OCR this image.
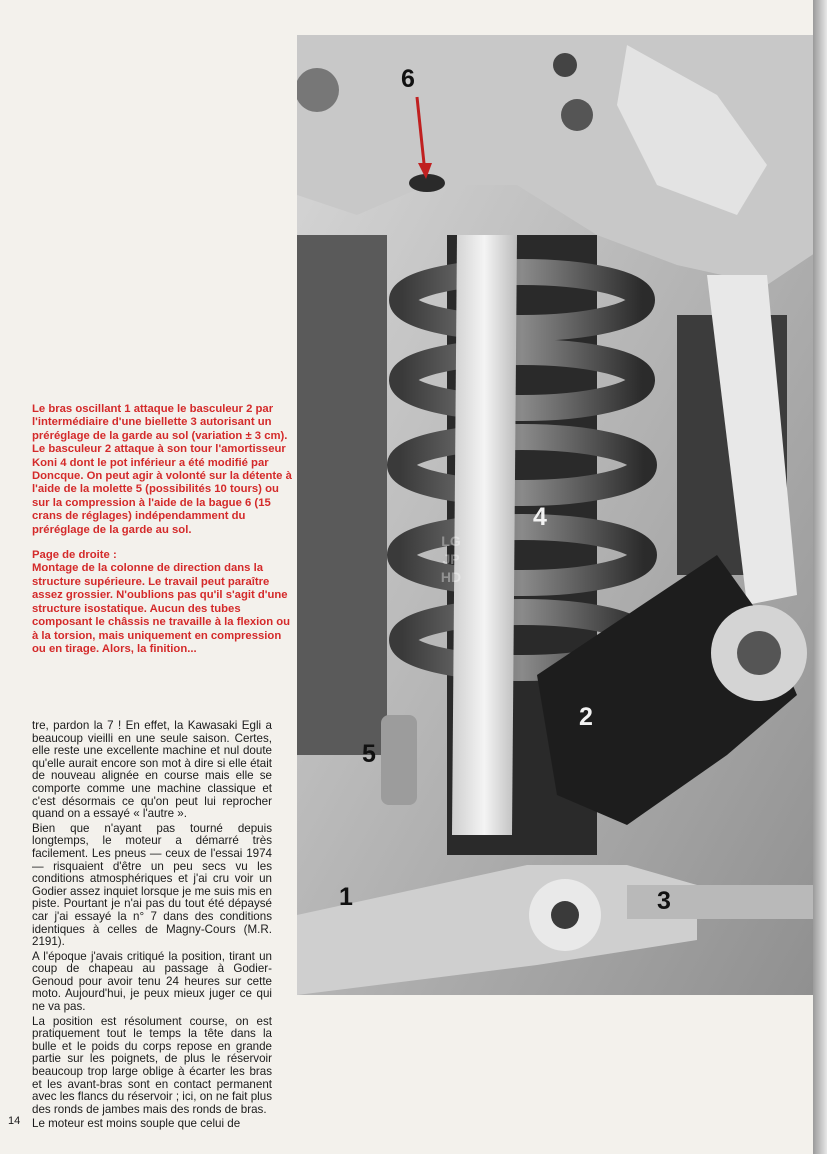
Le bras oscillant 1 attaque le basculeur 2 par l'intermédiaire d'une biellette 3 autorisant un préréglage de la garde au sol (variation ± 3 cm). Le basculeur 2 attaque à son tour l'amortisseur Koni 4 dont le pot inférieur a été modifié par Doncque. On peut agir à volonté sur la détente à l'aide de la molette 5 (possibilités 10 tours) ou sur la compression à l'aide de la bague 6 (15 crans de réglages) indépendamment du préréglage de la garde au sol.

Page de droite :
Montage de la colonne de direction dans la structure supérieure. Le travail peut paraître assez grossier. N'oublions pas qu'il s'agit d'une structure isostatique. Aucun des tubes composant le châssis ne travaille à la flexion ou à la torsion, mais uniquement en compression ou en tirage. Alors, la finition...

tre, pardon la 7 ! En effet, la Kawasaki Egli a beaucoup vieilli en une seule saison. Certes, elle reste une excellente machine et nul doute qu'elle aurait encore son mot à dire si elle était de nouveau alignée en course mais elle se comporte comme une machine classique et c'est désormais ce qu'on peut lui reprocher quand on a essayé « l'autre ».

Bien que n'ayant pas tourné depuis longtemps, le moteur a démarré très facilement. Les pneus — ceux de l'essai 1974 — risquaient d'être un peu secs vu les conditions atmosphériques et j'ai cru voir un Godier assez inquiet lorsque je me suis mis en piste. Pourtant je n'ai pas du tout été dépaysé car j'ai essayé la n° 7 dans des conditions identiques à celles de Magny-Cours (M.R. 2191).

A l'époque j'avais critiqué la position, tirant un coup de chapeau au passage à Godier-Genoud pour avoir tenu 24 heures sur cette moto. Aujourd'hui, je peux mieux juger ce qui ne va pas.

La position est résolument course, on est pratiquement tout le temps la tête dans la bulle et le poids du corps repose en grande partie sur les poignets, de plus le réservoir beaucoup trop large oblige à écarter les bras et les avant-bras sont en contact permanent avec les flancs du réservoir ; ici, on ne fait plus des ronds de jambes mais des ronds de bras.

Le moteur est moins souple que celui de

14
6
4
2
5
1	3
LG
JP
HD
